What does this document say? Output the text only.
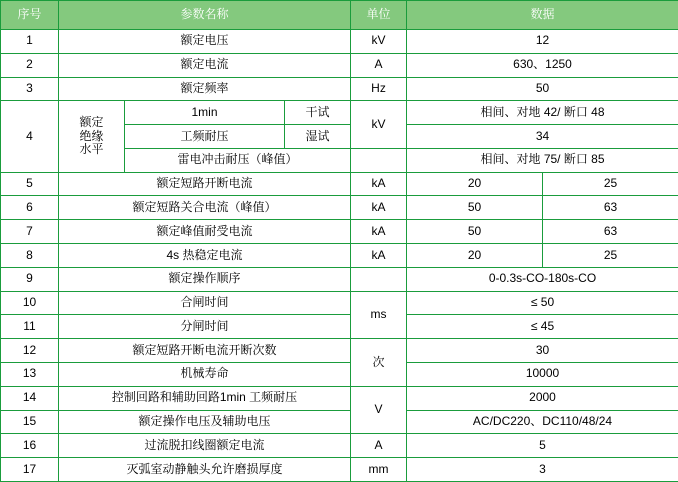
序号	参数名称			单位	数据	
1	额定电压			kV	12	
2	额定电流			A	630、1250	
3	额定频率			Hz	50	
4	额定
绝缘
水平	1min	干试	kV	相间、对地 42/ 断口 48	
		工频耐压	湿试		34	
		雷电冲击耐压（峰值）			相间、对地 75/ 断口 85	
5	额定短路开断电流			kA	20	25
6	额定短路关合电流（峰值）			kA	50	63
7	额定峰值耐受电流			kA	50	63
8	4s 热稳定电流			kA	20	25
9	额定操作顺序				0-0.3s-CO-180s-CO	
10	合闸时间			ms	≤ 50	
11	分闸时间				≤ 45	
12	额定短路开断电流开断次数			次	30	
13	机械寿命				10000	
14	控制回路和辅助回路1min 工频耐压			V	2000	
15	额定操作电压及辅助电压				AC/DC220、DC110/48/24	
16	过流脱扣线圈额定电流			A	5	
17	灭弧室动静触头允许磨损厚度			mm	3	
